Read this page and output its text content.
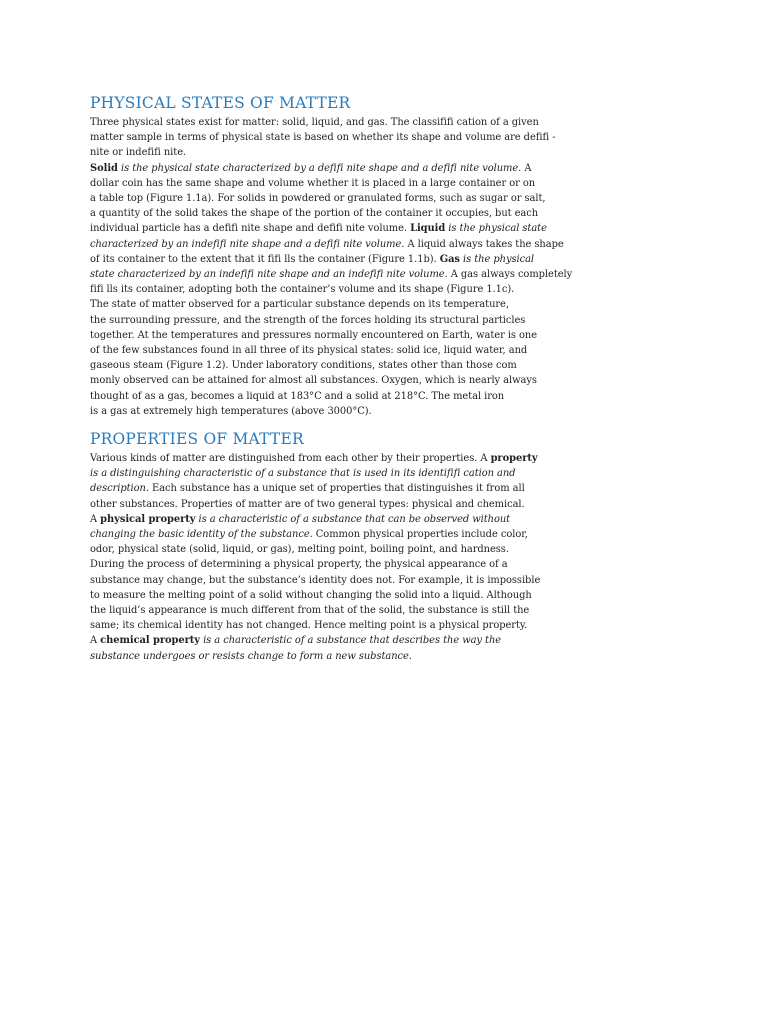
PHYSICAL STATES OF MATTER
Three physical states exist for matter: solid, liquid, and gas. The classififi cation of a given
matter sample in terms of physical state is based on whether its shape and volume are defifi -
nite or indefifi nite.
Solid is the physical state characterized by a defifi nite shape and a defifi nite volume. A
dollar coin has the same shape and volume whether it is placed in a large container or on
a table top (Figure 1.1a). For solids in powdered or granulated forms, such as sugar or salt,
a quantity of the solid takes the shape of the portion of the container it occupies, but each
individual particle has a defifi nite shape and defifi nite volume. Liquid is the physical state
characterized by an indefifi nite shape and a defifi nite volume. A liquid always takes the shape
of its container to the extent that it fifi lls the container (Figure 1.1b). Gas is the physical
state characterized by an indefifi nite shape and an indefifi nite volume. A gas always completely
fifi lls its container, adopting both the container’s volume and its shape (Figure 1.1c).
The state of matter observed for a particular substance depends on its temperature,
the surrounding pressure, and the strength of the forces holding its structural particles
together. At the temperatures and pressures normally encountered on Earth, water is one
of the few substances found in all three of its physical states: solid ice, liquid water, and
gaseous steam (Figure 1.2). Under laboratory conditions, states other than those com
monly observed can be attained for almost all substances. Oxygen, which is nearly always
thought of as a gas, becomes a liquid at 183°C and a solid at 218°C. The metal iron
is a gas at extremely high temperatures (above 3000°C).
PROPERTIES OF MATTER
Various kinds of matter are distinguished from each other by their properties. A property
is a distinguishing characteristic of a substance that is used in its identififi cation and
description. Each substance has a unique set of properties that distinguishes it from all
other substances. Properties of matter are of two general types: physical and chemical.
A physical property is a characteristic of a substance that can be observed without
changing the basic identity of the substance. Common physical properties include color,
odor, physical state (solid, liquid, or gas), melting point, boiling point, and hardness.
During the process of determining a physical property, the physical appearance of a
substance may change, but the substance’s identity does not. For example, it is impossible
to measure the melting point of a solid without changing the solid into a liquid. Although
the liquid’s appearance is much different from that of the solid, the substance is still the
same; its chemical identity has not changed. Hence melting point is a physical property.
A chemical property is a characteristic of a substance that describes the way the
substance undergoes or resists change to form a new substance.
